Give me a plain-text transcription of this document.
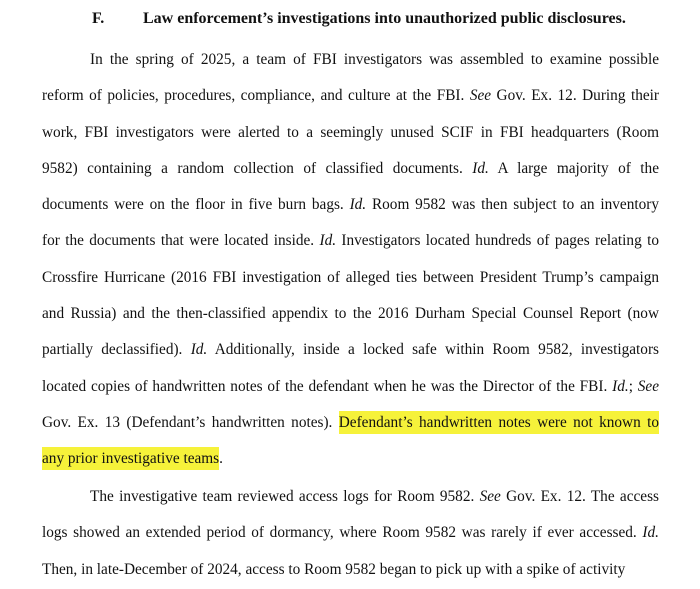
F. Law enforcement’s investigations into unauthorized public disclosures.
In the spring of 2025, a team of FBI investigators was assembled to examine possible
reform of policies, procedures, compliance, and culture at the FBI. See Gov. Ex. 12. During their
work, FBI investigators were alerted to a seemingly unused SCIF in FBI headquarters (Room
9582) containing a random collection of classified documents. Id. A large majority of the
documents were on the floor in five burn bags. Id. Room 9582 was then subject to an inventory
for the documents that were located inside. Id. Investigators located hundreds of pages relating to
Crossfire Hurricane (2016 FBI investigation of alleged ties between President Trump’s campaign
and Russia) and the then-classified appendix to the 2016 Durham Special Counsel Report (now
partially declassified). Id. Additionally, inside a locked safe within Room 9582, investigators
located copies of handwritten notes of the defendant when he was the Director of the FBI. Id.; See
Gov. Ex. 13 (Defendant’s handwritten notes). Defendant’s handwritten notes were not known to
any prior investigative teams.
The investigative team reviewed access logs for Room 9582. See Gov. Ex. 12. The access
logs showed an extended period of dormancy, where Room 9582 was rarely if ever accessed. Id.
Then, in late-December of 2024, access to Room 9582 began to pick up with a spike of activity
